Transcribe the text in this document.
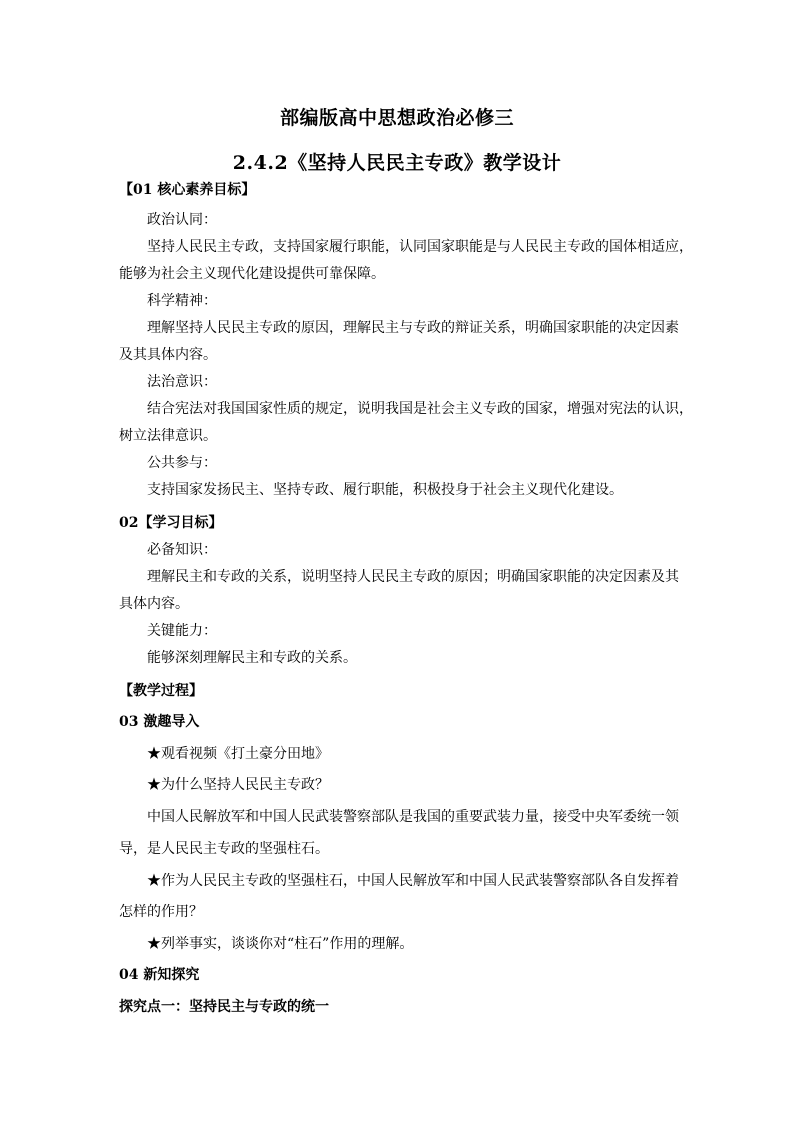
部编版高中思想政治必修三
2.4.2《坚持人民民主专政》教学设计
【01 核心素养目标】
政治认同：
坚持人民民主专政，支持国家履行职能，认同国家职能是与人民民主专政的国体相适应，
能够为社会主义现代化建设提供可靠保障。
科学精神：
理解坚持人民民主专政的原因，理解民主与专政的辩证关系，明确国家职能的决定因素
及其具体内容。
法治意识：
结合宪法对我国国家性质的规定，说明我国是社会主义专政的国家，增强对宪法的认识，
树立法律意识。
公共参与：
支持国家发扬民主、坚持专政、履行职能，积极投身于社会主义现代化建设。
02【学习目标】
必备知识：
理解民主和专政的关系，说明坚持人民民主专政的原因；明确国家职能的决定因素及其
具体内容。
关键能力：
能够深刻理解民主和专政的关系。
【教学过程】
03 激趣导入
★观看视频《打土豪分田地》
★为什么坚持人民民主专政？
中国人民解放军和中国人民武装警察部队是我国的重要武装力量，接受中央军委统一领
导，是人民民主专政的坚强柱石。
★作为人民民主专政的坚强柱石，中国人民解放军和中国人民武装警察部队各自发挥着
怎样的作用？
★列举事实，谈谈你对“柱石”作用的理解。
04 新知探究
探究点一：坚持民主与专政的统一
